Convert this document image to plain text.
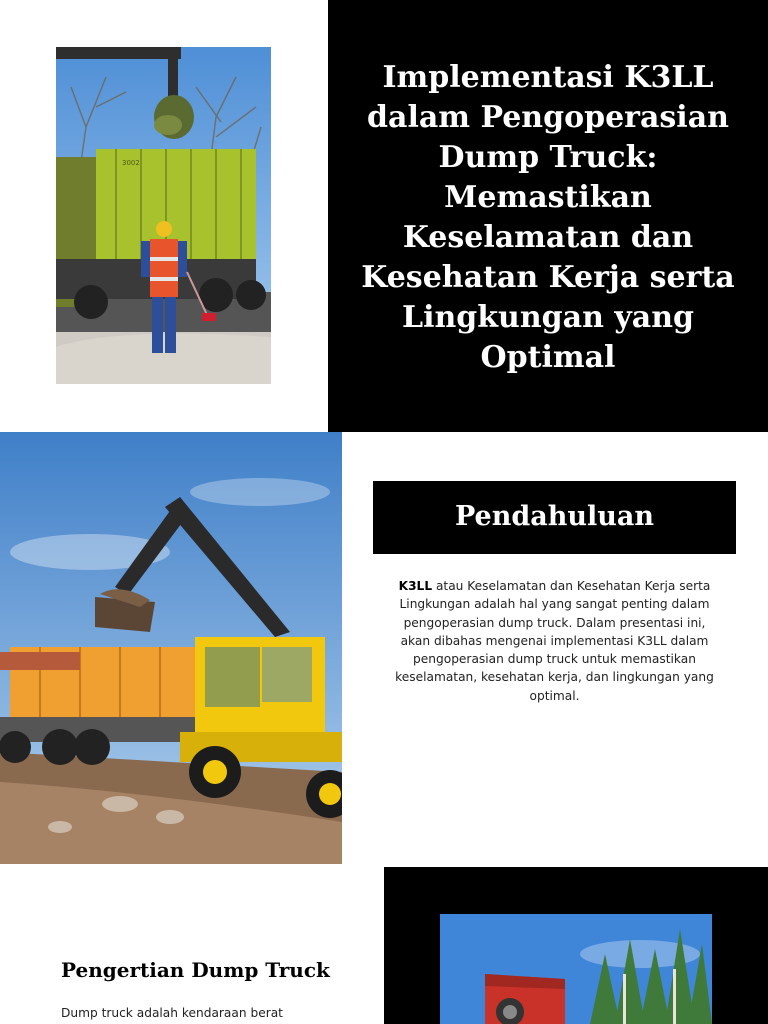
3002
Implementasi K3LL dalam Pengoperasian Dump Truck: Memastikan Keselamatan dan Kesehatan Kerja serta Lingkungan yang Optimal
Pendahuluan
K3LL atau Keselamatan dan Kesehatan Kerja serta Lingkungan adalah hal yang sangat penting dalam pengoperasian dump truck. Dalam presentasi ini, akan dibahas mengenai implementasi K3LL dalam pengoperasian dump truck untuk memastikan keselamatan, kesehatan kerja, dan lingkungan yang optimal.
Pengertian Dump Truck
Dump truck adalah kendaraan berat
